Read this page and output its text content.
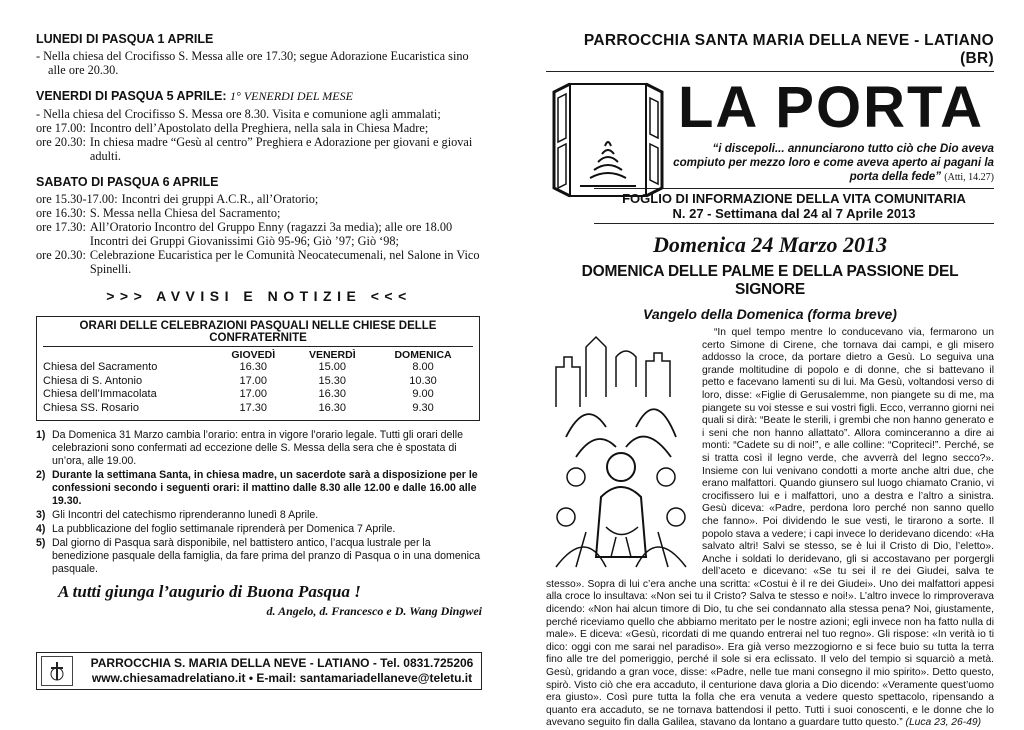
LUNEDI DI PASQUA 1 APRILE
- Nella chiesa del Crocifisso S. Messa alle ore 17.30; segue Adorazione Eucaristica sino alle ore 20.30.
VENERDI DI PASQUA 5 APRILE: 1° VENERDI DEL MESE
- Nella chiesa del Crocifisso S. Messa ore 8.30. Visita e comunione agli ammalati;
ore 17.00: Incontro dell’Apostolato della Preghiera, nella sala in Chiesa Madre;
ore 20.30: In chiesa madre “Gesù al centro” Preghiera e Adorazione per giovani e giovai adulti.
SABATO DI PASQUA 6 APRILE
ore 15.30-17.00: Incontri dei gruppi A.C.R., all’Oratorio;
ore 16.30: S. Messa nella Chiesa del Sacramento;
ore 17.30: All’Oratorio Incontro del Gruppo Enny (ragazzi 3a media); alle ore 18.00 Incontri dei Gruppi Giovanissimi Giò 95-96; Giò ’97; Giò ‘98;
ore 20.30: Celebrazione Eucaristica per le Comunità Neocatecumenali, nel Salone in Vico Spinelli.
>>> AVVISI E NOTIZIE <<<
ORARI DELLE CELEBRAZIONI PASQUALI NELLE CHIESE DELLE CONFRATERNITE
	GIOVEDÌ	VENERDÌ	DOMENICA
Chiesa del Sacramento	16.30	15.00	8.00
Chiesa di S. Antonio	17.00	15.30	10.30
Chiesa dell’Immacolata	17.00	16.30	9.00
Chiesa SS. Rosario	17.30	16.30	9.30
1) Da Domenica 31 Marzo cambia l’orario: entra in vigore l’orario legale. Tutti gli orari delle celebrazioni sono confermati ad eccezione delle S. Messa della sera che è spostata di un’ora, alle 19.00.
2) Durante la settimana Santa, in chiesa madre, un sacerdote sarà a disposizione per le confessioni secondo i seguenti orari: il mattino dalle 8.30 alle 12.00 e dalle 16.00 alle 19.30.
3) Gli Incontri del catechismo riprenderanno lunedì 8 Aprile.
4) La pubblicazione del foglio settimanale riprenderà per Domenica 7 Aprile.
5) Dal giorno di Pasqua sarà disponibile, nel battistero antico, l’acqua lustrale per la benedizione pasquale della famiglia, da fare prima del pranzo di Pasqua o in una domenica pasquale.
A tutti giunga l’augurio di Buona Pasqua !
d. Angelo, d. Francesco e D. Wang Dingwei
PARROCCHIA S. MARIA DELLA NEVE - LATIANO - Tel. 0831.725206
www.chiesamadrelatiano.it • E-mail: santamariadellaneve@teletu.it
PARROCCHIA SANTA MARIA DELLA NEVE - LATIANO (BR)
LA PORTA
“i discepoli... annunciarono tutto ciò che Dio aveva compiuto per mezzo loro e come aveva aperto ai pagani la porta della fede” (Atti, 14.27)
FOGLIO DI INFORMAZIONE DELLA VITA COMUNITARIA
N. 27 - Settimana dal 24 al 7 Aprile 2013
Domenica 24 Marzo 2013
DOMENICA DELLE PALME E DELLA PASSIONE DEL SIGNORE
Vangelo della Domenica (forma breve)
“In quel tempo mentre lo conducevano via, fermarono un certo Simone di Cirene, che tornava dai campi, e gli misero addosso la croce, da portare dietro a Gesù. Lo seguiva una grande moltitudine di popolo e di donne, che si battevano il petto e facevano lamenti su di lui. Ma Gesù, voltandosi verso di loro, disse: «Figlie di Gerusalemme, non piangete su di me, ma piangete su voi stesse e sui vostri figli. Ecco, verranno giorni nei quali si dirà: “Beate le sterili, i grembi che non hanno generato e i seni che non hanno allattato”. Allora cominceranno a dire ai monti: “Cadete su di noi!”, e alle colline: “Copriteci!”. Perché, se si tratta così il legno verde, che avverrà del legno secco?». Insieme con lui venivano condotti a morte anche altri due, che erano malfattori. Quando giunsero sul luogo chiamato Cranio, vi crocifissero lui e i malfattori, uno a destra e l’altro a sinistra. Gesù diceva: «Padre, perdona loro perché non sanno quello che fanno». Poi dividendo le sue vesti, le tirarono a sorte. Il popolo stava a vedere; i capi invece lo deridevano dicendo: «Ha salvato altri! Salvi se stesso, se è lui il Cristo di Dio, l’eletto». Anche i soldati lo deridevano, gli si accostavano per porgergli dell’aceto e dicevano: «Se tu sei il re dei Giudei, salva te stesso». Sopra di lui c’era anche una scritta: «Costui è il re dei Giudei». Uno dei malfattori appesi alla croce lo insultava: «Non sei tu il Cristo? Salva te stesso e noi!». L’altro invece lo rimproverava dicendo: «Non hai alcun timore di Dio, tu che sei condannato alla stessa pena? Noi, giustamente, perché riceviamo quello che abbiamo meritato per le nostre azioni; egli invece non ha fatto nulla di male». E diceva: «Gesù, ricordati di me quando entrerai nel tuo regno». Gli rispose: «In verità io ti dico: oggi con me sarai nel paradiso». Era già verso mezzogiorno e si fece buio su tutta la terra fino alle tre del pomeriggio, perché il sole si era eclissato. Il velo del tempio si squarciò a metà. Gesù, gridando a gran voce, disse: «Padre, nelle tue mani consegno il mio spirito». Detto questo, spirò. Visto ciò che era accaduto, il centurione dava gloria a Dio dicendo: «Veramente quest’uomo era giusto». Così pure tutta la folla che era venuta a vedere questo spettacolo, ripensando a quanto era accaduto, se ne tornava battendosi il petto. Tutti i suoi conoscenti, e le donne che lo avevano seguito fin dalla Galilea, stavano da lontano a guardare tutto questo.” (Luca 23, 26-49)
